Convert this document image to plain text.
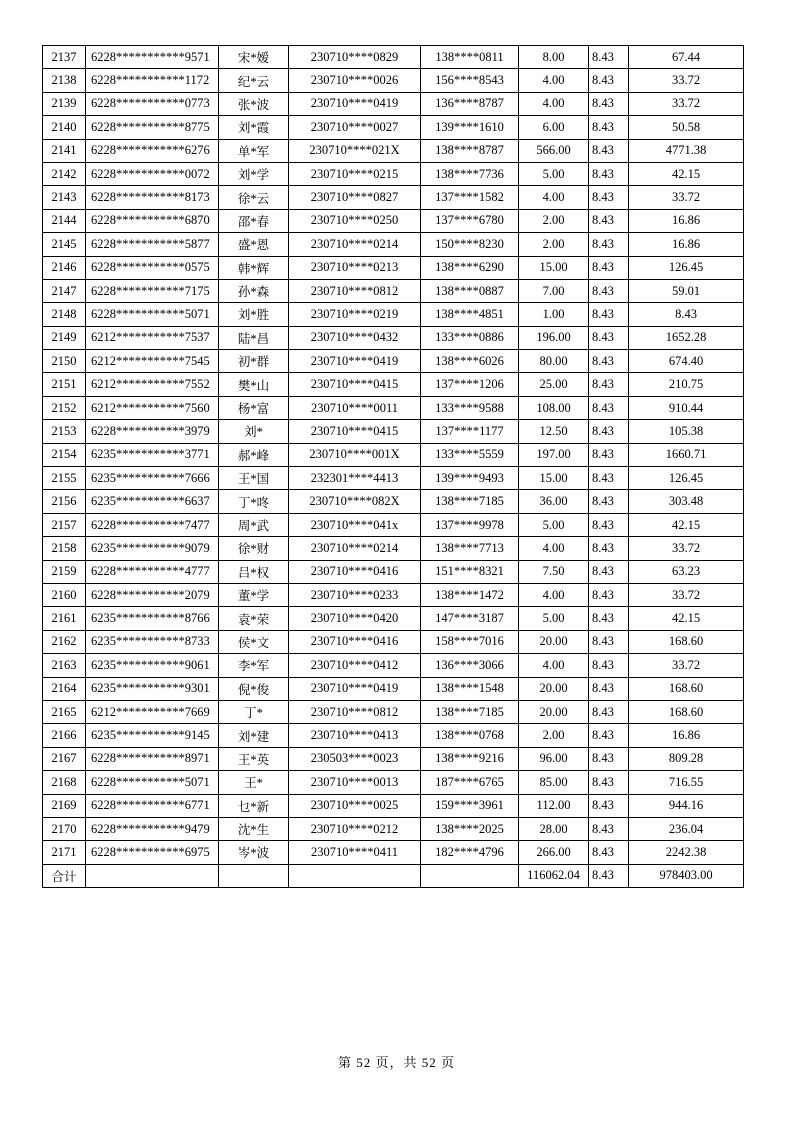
2137	6228***********9571	宋*嫒	230710****0829	138****0811	8.00	8.43	67.44
2138	6228***********1172	纪*云	230710****0026	156****8543	4.00	8.43	33.72
2139	6228***********0773	张*波	230710****0419	136****8787	4.00	8.43	33.72
2140	6228***********8775	刘*霞	230710****0027	139****1610	6.00	8.43	50.58
2141	6228***********6276	单*军	230710****021X	138****8787	566.00	8.43	4771.38
2142	6228***********0072	刘*学	230710****0215	138****7736	5.00	8.43	42.15
2143	6228***********8173	徐*云	230710****0827	137****1582	4.00	8.43	33.72
2144	6228***********6870	邵*春	230710****0250	137****6780	2.00	8.43	16.86
2145	6228***********5877	盛*恩	230710****0214	150****8230	2.00	8.43	16.86
2146	6228***********0575	韩*辉	230710****0213	138****6290	15.00	8.43	126.45
2147	6228***********7175	孙*森	230710****0812	138****0887	7.00	8.43	59.01
2148	6228***********5071	刘*胜	230710****0219	138****4851	1.00	8.43	8.43
2149	6212***********7537	陆*昌	230710****0432	133****0886	196.00	8.43	1652.28
2150	6212***********7545	初*群	230710****0419	138****6026	80.00	8.43	674.40
2151	6212***********7552	樊*山	230710****0415	137****1206	25.00	8.43	210.75
2152	6212***********7560	杨*富	230710****0011	133****9588	108.00	8.43	910.44
2153	6228***********3979	刘*	230710****0415	137****1177	12.50	8.43	105.38
2154	6235***********3771	郝*峰	230710****001X	133****5559	197.00	8.43	1660.71
2155	6235***********7666	王*国	232301****4413	139****9493	15.00	8.43	126.45
2156	6235***********6637	丁*咚	230710****082X	138****7185	36.00	8.43	303.48
2157	6228***********7477	周*武	230710****041x	137****9978	5.00	8.43	42.15
2158	6235***********9079	徐*财	230710****0214	138****7713	4.00	8.43	33.72
2159	6228***********4777	吕*权	230710****0416	151****8321	7.50	8.43	63.23
2160	6228***********2079	董*学	230710****0233	138****1472	4.00	8.43	33.72
2161	6235***********8766	袁*荣	230710****0420	147****3187	5.00	8.43	42.15
2162	6235***********8733	侯*文	230710****0416	158****7016	20.00	8.43	168.60
2163	6235***********9061	李*军	230710****0412	136****3066	4.00	8.43	33.72
2164	6235***********9301	倪*俊	230710****0419	138****1548	20.00	8.43	168.60
2165	6212***********7669	丁*	230710****0812	138****7185	20.00	8.43	168.60
2166	6235***********9145	刘*建	230710****0413	138****0768	2.00	8.43	16.86
2167	6228***********8971	王*英	230503****0023	138****9216	96.00	8.43	809.28
2168	6228***********5071	王*	230710****0013	187****6765	85.00	8.43	716.55
2169	6228***********6771	乜*新	230710****0025	159****3961	112.00	8.43	944.16
2170	6228***********9479	沈*生	230710****0212	138****2025	28.00	8.43	236.04
2171	6228***********6975	岑*波	230710****0411	182****4796	266.00	8.43	2242.38
合计					116062.04	8.43	978403.00
第 52 页，共 52 页
